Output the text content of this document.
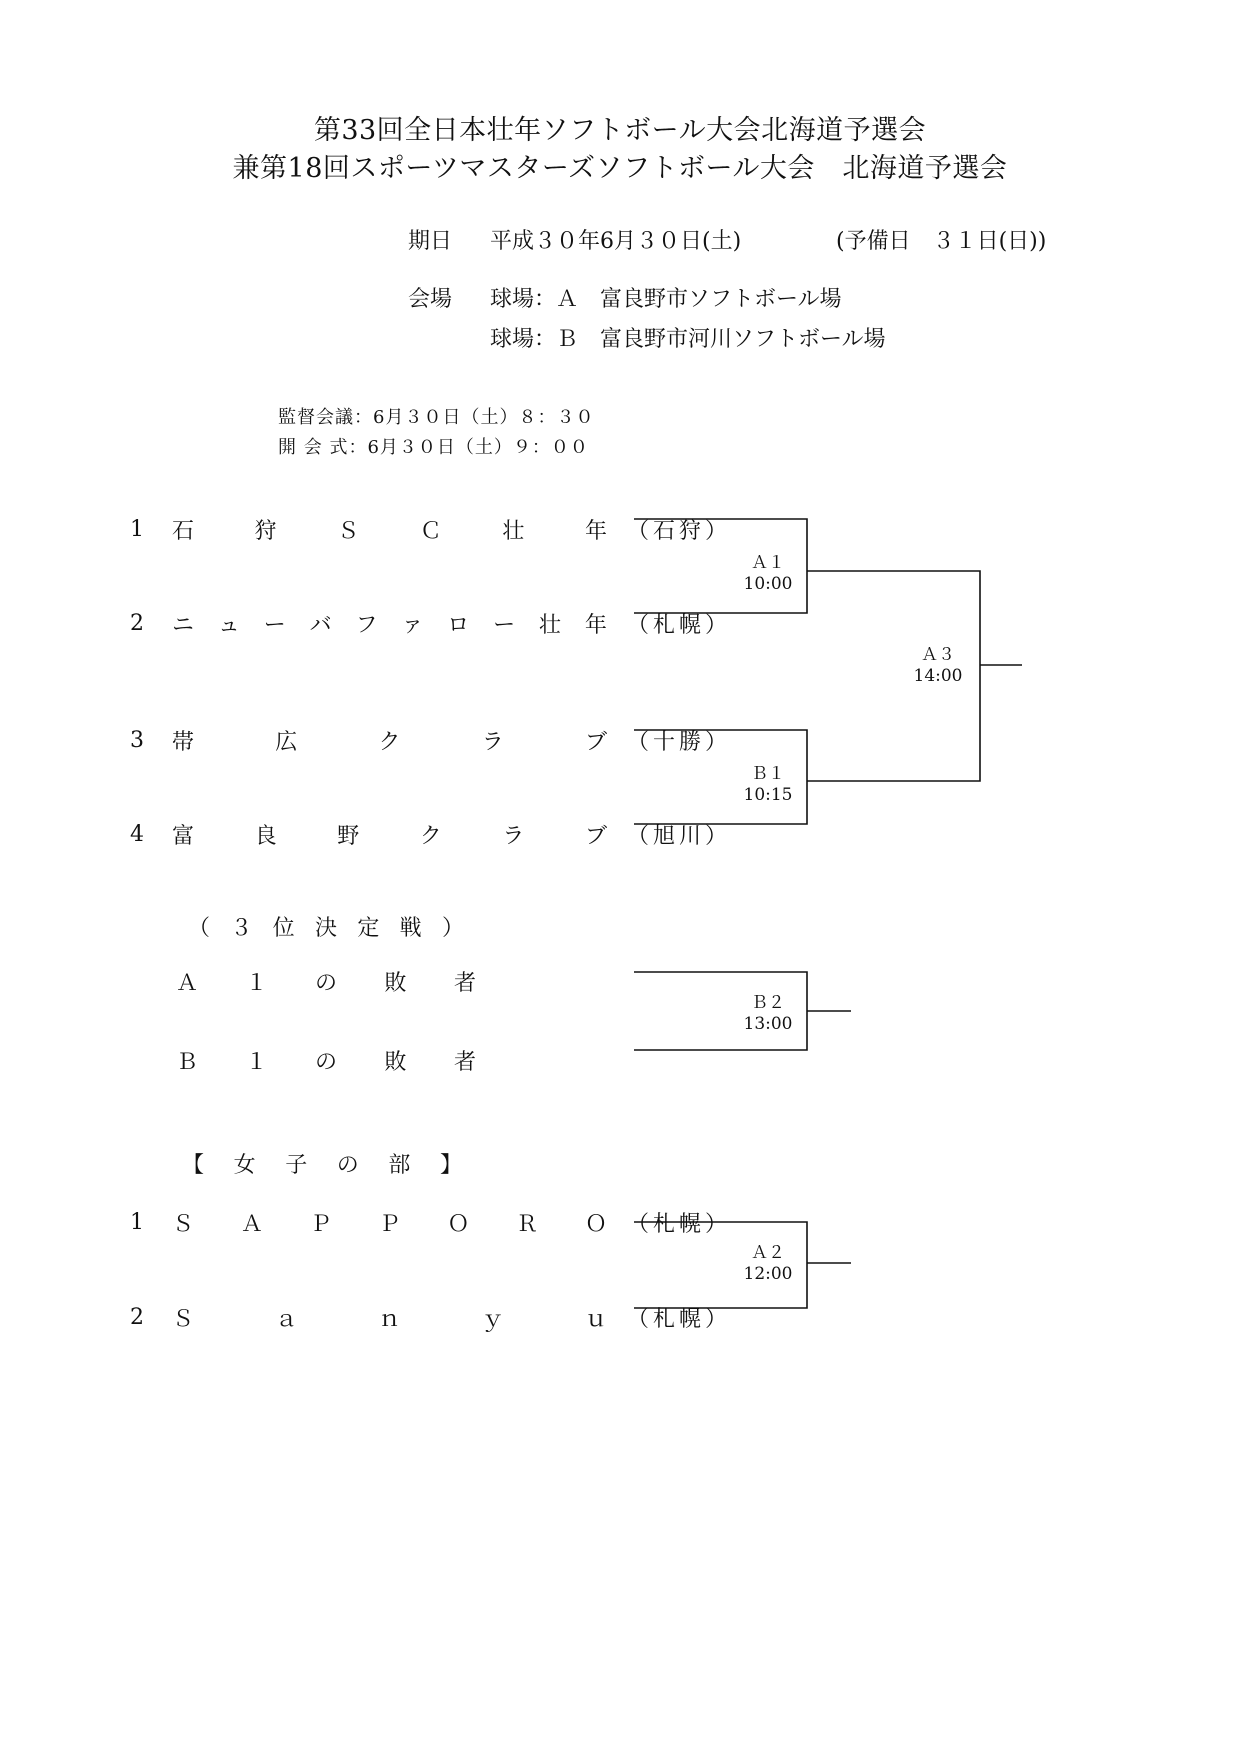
第33回全日本壮年ソフトボール大会北海道予選会
兼第18回スポーツマスターズソフトボール大会　北海道予選会
期日 平成３０年6月３０日(土)	(予備日　３１日(日))
会場 球場：Ａ　富良野市ソフトボール場
球場：Ｂ　富良野市河川ソフトボール場
監督会議：6月３０日（土）８：３０
開 会 式：6月３０日（土）９：００
1	石	狩	Ｓ	Ｃ	壮	年 （ 石 狩 ）
2	ニ ュ ー バ フ ァ ロ ー 壮 年 （ 札 幌 ）
3	帯	広	ク	ラ	ブ （ 十 勝 ）
4	富	良	野	ク	ラ	ブ （ 旭 川 ）
Ａ１
10:00
Ｂ１
10:15
Ａ３
14:00
（ ３ 位 決 定 戦 ）
Ａ １ の 敗 者
Ｂ １ の 敗 者
Ｂ２
13:00
【 女 子 の 部 】
1	Ｓ Ａ Ｐ Ｐ Ｏ Ｒ Ｏ （ 札 幌 ）
2	Ｓ	ａ	ｎ	ｙ	ｕ （ 札 幌 ）
Ａ２
12:00
